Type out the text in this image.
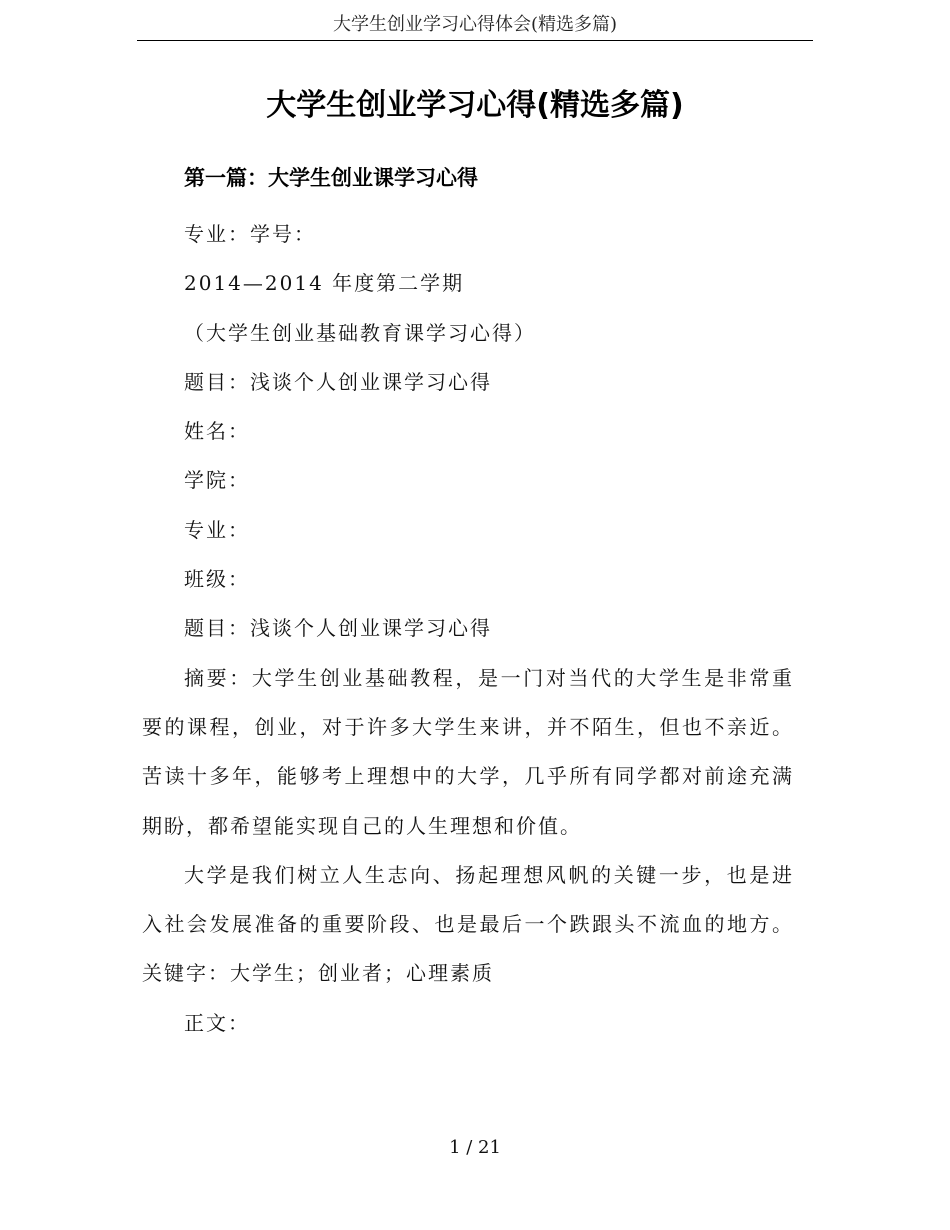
大学生创业学习心得体会(精选多篇)
大学生创业学习心得(精选多篇)
第一篇：大学生创业课学习心得

专业：学号：

2014—2014 年度第二学期

（大学生创业基础教育课学习心得）

题目：浅谈个人创业课学习心得

姓名：

学院：

专业：

班级：

题目：浅谈个人创业课学习心得

摘要：大学生创业基础教程，是一门对当代的大学生是非常重要的课程，创业，对于许多大学生来讲，并不陌生，但也不亲近。苦读十多年，能够考上理想中的大学，几乎所有同学都对前途充满期盼，都希望能实现自己的人生理想和价值。

大学是我们树立人生志向、扬起理想风帆的关键一步，也是进入社会发展准备的重要阶段、也是最后一个跌跟头不流血的地方。关键字：大学生；创业者；心理素质

正文：

1 / 21
